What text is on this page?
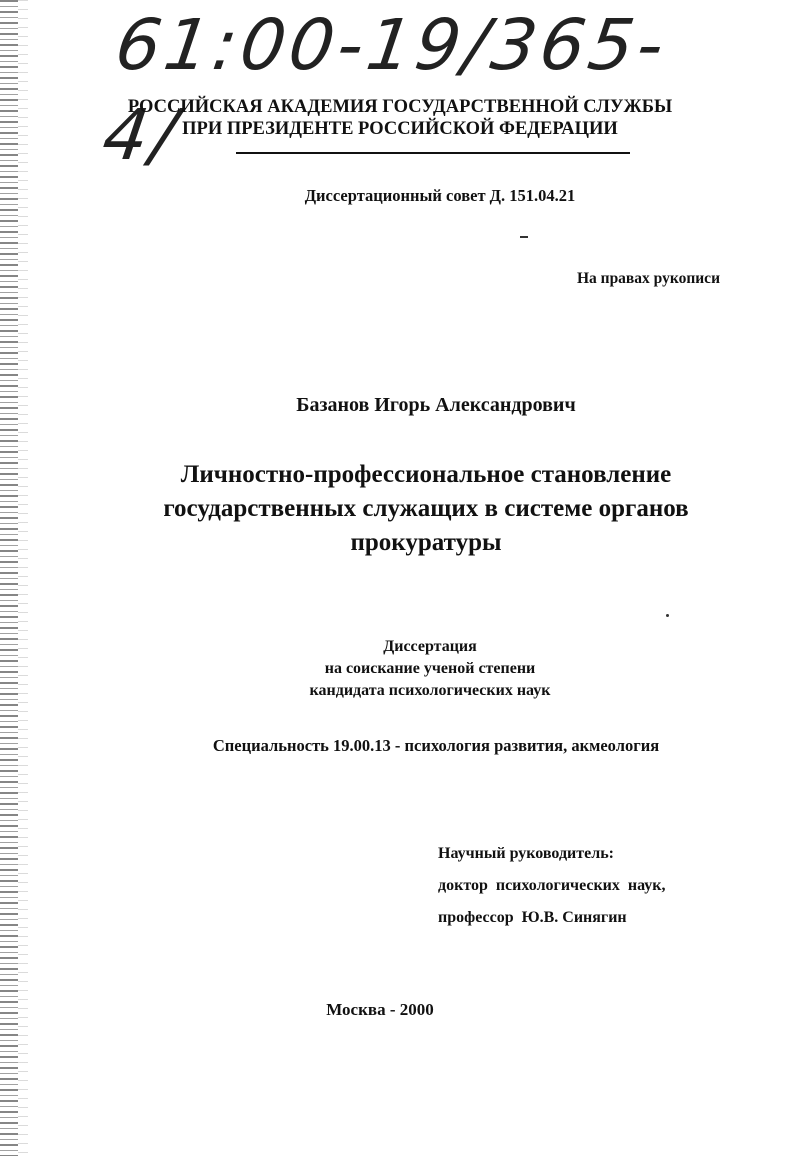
61:00-19/365-4/
РОССИЙСКАЯ АКАДЕМИЯ ГОСУДАРСТВЕННОЙ СЛУЖБЫ
ПРИ ПРЕЗИДЕНТЕ РОССИЙСКОЙ ФЕДЕРАЦИИ
Диссертационный совет Д. 151.04.21
На правах рукописи
Базанов Игорь Александрович
Личностно-профессиональное становление
государственных служащих в системе органов
прокуратуры
Диссертация
на соискание ученой степени
кандидата психологических наук
Специальность 19.00.13 - психология развития, акмеология
Научный руководитель:
доктор  психологических  наук,
профессор  Ю.В. Синягин
Москва - 2000
